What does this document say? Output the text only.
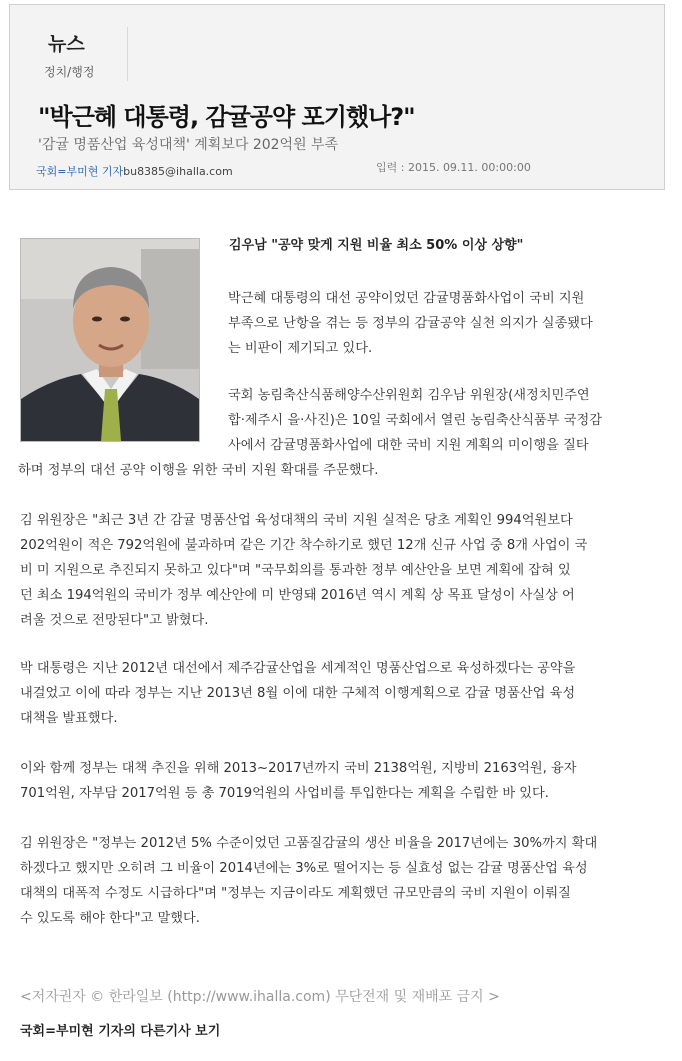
뉴스
정치/행정
"박근혜 대통령, 감귤공약 포기했나?"
'감귤 명품산업 육성대책' 계획보다 202억원 부족
국회=부미현 기자bu8385@ihalla.com	입력 : 2015. 09.11. 00:00:00
김우남 "공약 맞게 지원 비율 최소 50% 이상 상향"
박근혜 대통령의 대선 공약이었던 감귤명품화사업이 국비 지원
부족으로 난항을 겪는 등 정부의 감귤공약 실천 의지가 실종됐다
는 비판이 제기되고 있다.
국회 농림축산식품해양수산위원회 김우남 위원장(새정치민주연
합·제주시 을·사진)은 10일 국회에서 열린 농림축산식품부 국정감
사에서 감귤명품화사업에 대한 국비 지원 계획의 미이행을 질타
하며 정부의 대선 공약 이행을 위한 국비 지원 확대를 주문했다.
김 위원장은 "최근 3년 간 감귤 명품산업 육성대책의 국비 지원 실적은 당초 계획인 994억원보다
202억원이 적은 792억원에 불과하며 같은 기간 착수하기로 했던 12개 신규 사업 중 8개 사업이 국
비 미 지원으로 추진되지 못하고 있다"며 "국무회의를 통과한 정부 예산안을 보면 계획에 잡혀 있
던 최소 194억원의 국비가 정부 예산안에 미 반영돼 2016년 역시 계획 상 목표 달성이 사실상 어
려울 것으로 전망된다"고 밝혔다.
박 대통령은 지난 2012년 대선에서 제주감귤산업을 세계적인 명품산업으로 육성하겠다는 공약을
내걸었고 이에 따라 정부는 지난 2013년 8월 이에 대한 구체적 이행계획으로 감귤 명품산업 육성
대책을 발표했다.
이와 함께 정부는 대책 추진을 위해 2013~2017년까지 국비 2138억원, 지방비 2163억원, 융자
701억원, 자부담 2017억원 등 총 7019억원의 사업비를 투입한다는 계획을 수립한 바 있다.
김 위원장은 "정부는 2012년 5% 수준이었던 고품질감귤의 생산 비율을 2017년에는 30%까지 확대
하겠다고 했지만 오히려 그 비율이 2014년에는 3%로 떨어지는 등 실효성 없는 감귤 명품산업 육성
대책의 대폭적 수정도 시급하다"며 "정부는 지금이라도 계획했던 규모만큼의 국비 지원이 이뤄질
수 있도록 해야 한다"고 말했다.
<저자권자 © 한라일보 (http://www.ihalla.com) 무단전재 및 재배포 금지 >
국회=부미현 기자의 다른기사 보기
